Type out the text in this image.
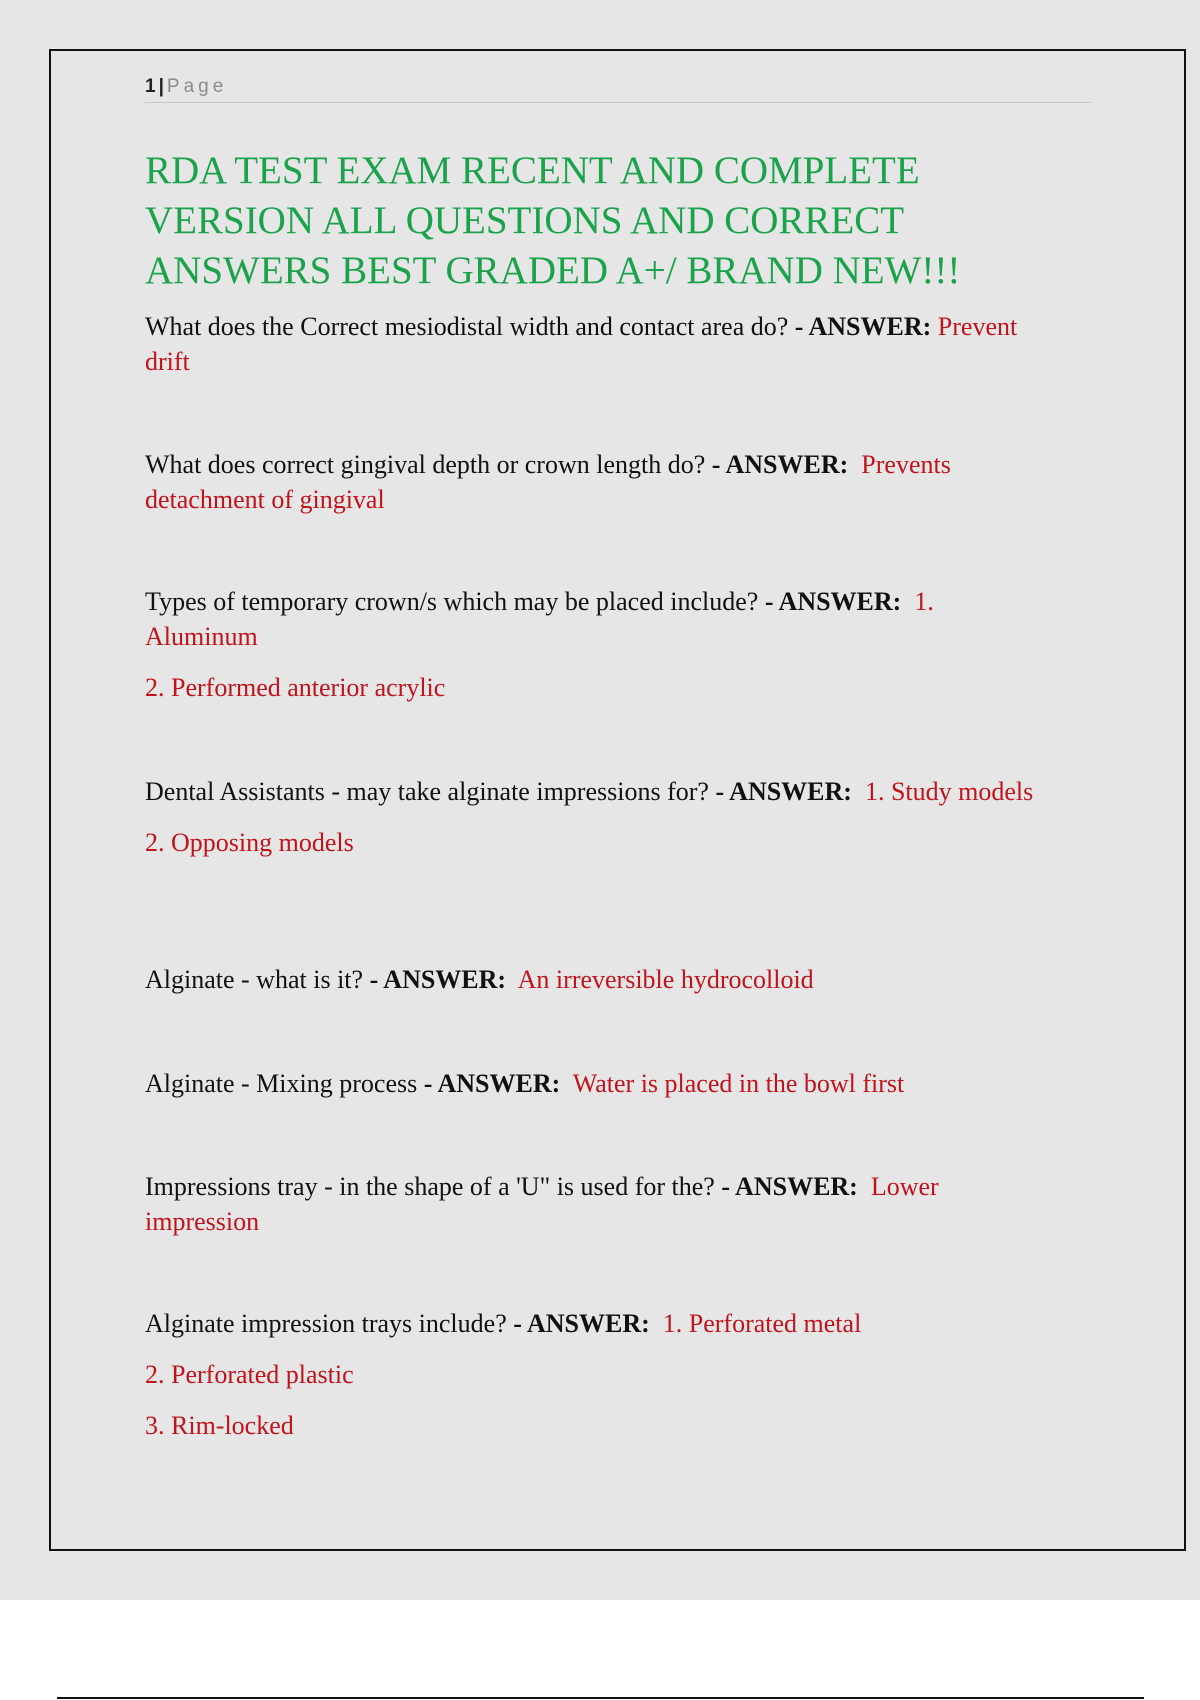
1 | Page
RDA TEST EXAM RECENT AND COMPLETE VERSION ALL QUESTIONS AND CORRECT ANSWERS BEST GRADED A+/ BRAND NEW!!!

What does the Correct mesiodistal width and contact area do? - ANSWER: Prevent drift

What does correct gingival depth or crown length do? - ANSWER: Prevents detachment of gingival

Types of temporary crown/s which may be placed include? - ANSWER: 1. Aluminum

2. Performed anterior acrylic

Dental Assistants - may take alginate impressions for? - ANSWER: 1. Study models

2. Opposing models

Alginate - what is it? - ANSWER: An irreversible hydrocolloid

Alginate - Mixing process - ANSWER: Water is placed in the bowl first

Impressions tray - in the shape of a 'U" is used for the? - ANSWER: Lower impression

Alginate impression trays include? - ANSWER: 1. Perforated metal

2. Perforated plastic

3. Rim-locked
